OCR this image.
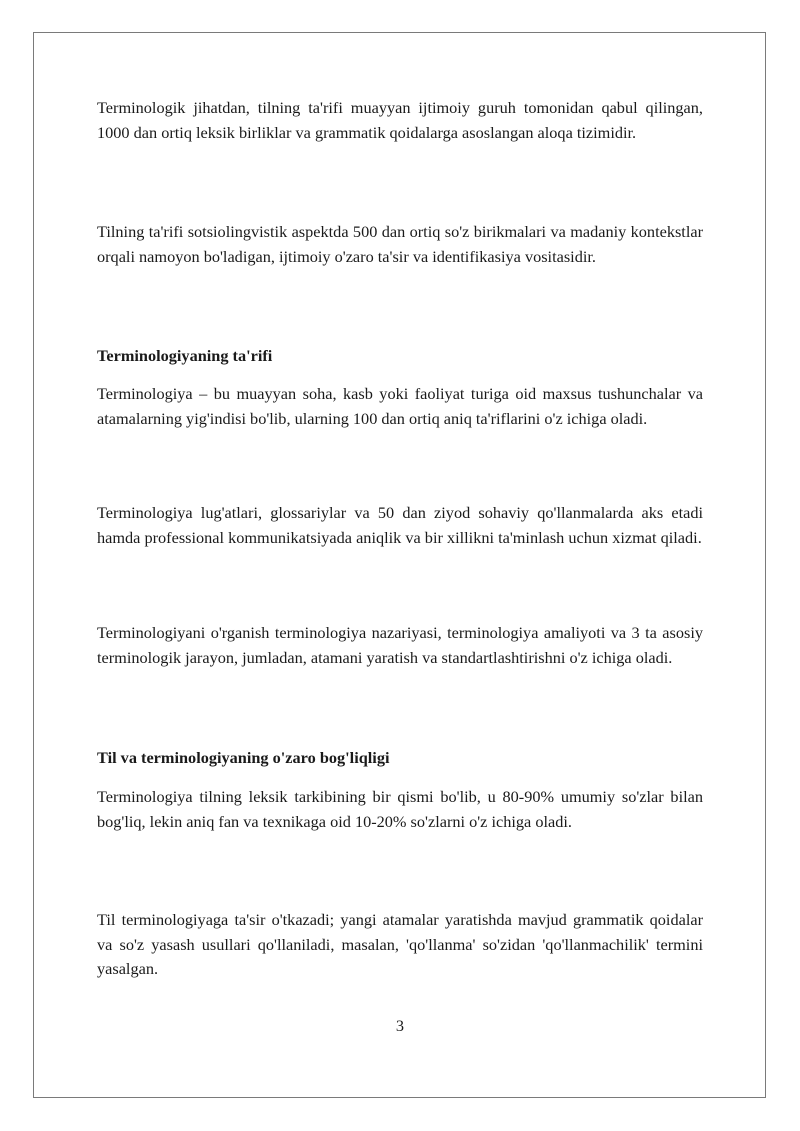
Terminologik jihatdan, tilning ta'rifi muayyan ijtimoiy guruh tomonidan qabul qilingan, 1000 dan ortiq leksik birliklar va grammatik qoidalarga asoslangan aloqa tizimidir.

Tilning ta'rifi sotsiolingvistik aspektda 500 dan ortiq so'z birikmalari va madaniy kontekstlar orqali namoyon bo'ladigan, ijtimoiy o'zaro ta'sir va identifikasiya vositasidir.

Terminologiyaning ta'rifi

Terminologiya – bu muayyan soha, kasb yoki faoliyat turiga oid maxsus tushunchalar va atamalarning yig'indisi bo'lib, ularning 100 dan ortiq aniq ta'riflarini o'z ichiga oladi.

Terminologiya lug'atlari, glossariylar va 50 dan ziyod sohaviy qo'llanmalarda aks etadi hamda professional kommunikatsiyada aniqlik va bir xillikni ta'minlash uchun xizmat qiladi.

Terminologiyani o'rganish terminologiya nazariyasi, terminologiya amaliyoti va 3 ta asosiy terminologik jarayon, jumladan, atamani yaratish va standartlashtirishni o'z ichiga oladi.

Til va terminologiyaning o'zaro bog'liqligi

Terminologiya tilning leksik tarkibining bir qismi bo'lib, u 80-90% umumiy so'zlar bilan bog'liq, lekin aniq fan va texnikaga oid 10-20% so'zlarni o'z ichiga oladi.

Til terminologiyaga ta'sir o'tkazadi; yangi atamalar yaratishda mavjud grammatik qoidalar va so'z yasash usullari qo'llaniladi, masalan, 'qo'llanma' so'zidan 'qo'llanmachilik' termini yasalgan.

3
